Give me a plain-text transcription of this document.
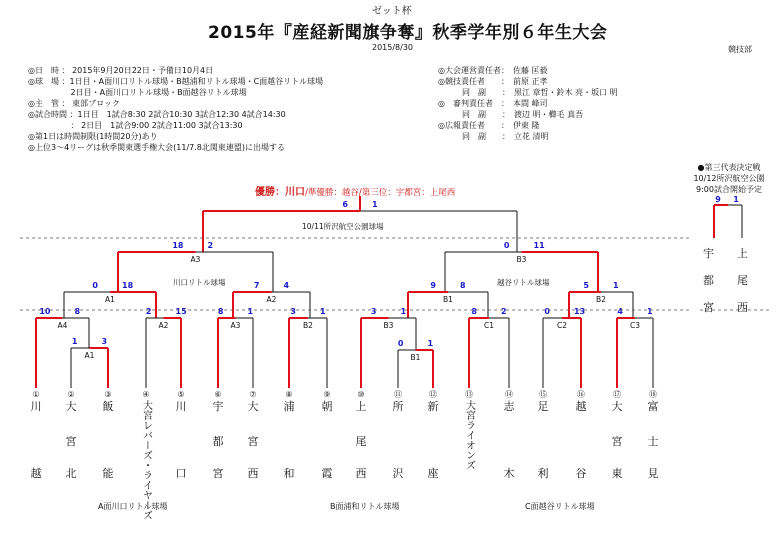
ゼット杯
2015年『産経新聞旗争奪』秋季学年別６年生大会
2015/8/30	競技部
◎日　時 ： 2015年9月20日22日・予備日10月4日
◎球　場 ：1日目・A面川口リトル球場・B越浦和リトル球場・C面越谷リトル球場
　　　　　 2日目・A面川口リトル球場・B面越谷リトル球場
◎主　管 ： 東部ブロック
◎試合時間 ：1日目　1試合8:30 2試合10:30 3試合12:30 4試合14:30
　　　　　 ： 2日目　1試合9:00 2試合11:00 3試合13:30
◎第1日は時間制限(1時間20分)あり
◎上位3～4リーグは秋季関東選手権大会(11/7.8北関東連盟)に出場する
◎大会運営責任者：　佐藤 匡毅
◎競技責任者　　：　前原 正孝
　　　同　副　　：　黒江 章哲・鈴木 亮・坂口 明
◎　審判責任者　：　本間 峰司
　　　同　副　　：　渡辺 明・櫛毛 真吾
◎広報責任者　　：　伊東 隆
　　　同　副　　：　立花 清明
優勝：川口/準優勝：越谷/第三位：宇都宮：上尾西
●第三代表決定戦
10/12所沢航空公園
9:00試合開始予定
6	1
18	2
A3
0	11
B3
0	18
A1
7	4
A2
9	8
B1
5	1
B2
10	8
A4
2	15
A2
8	1
A3
3	1
B2
3	1
B3
8	2
C1
0	13
C2
4	1
C3
1	3
A1
0	1
B1
9 1
10/11所沢航空公園球場
川口リトル球場	越谷リトル球場
①
川
越
②
大
宮
北
③
飯
能
④
大宮レバーズ・ライヤーズ
⑤
川
口
⑥
宇
都
宮
⑦
大
宮
西
⑧
浦
和
⑨
朝
霞
⑩
上
尾
西
⑪
所
沢
⑫
新
座
⑬
大宮ライオンズ
⑭
志
木
⑮
足
利
⑯
越
谷
⑰
大
宮
東
⑱
富
士
見
宇
都
宮
上
尾
西
A面川口リトル球場	B面浦和リトル球場	C面越谷リトル球場
